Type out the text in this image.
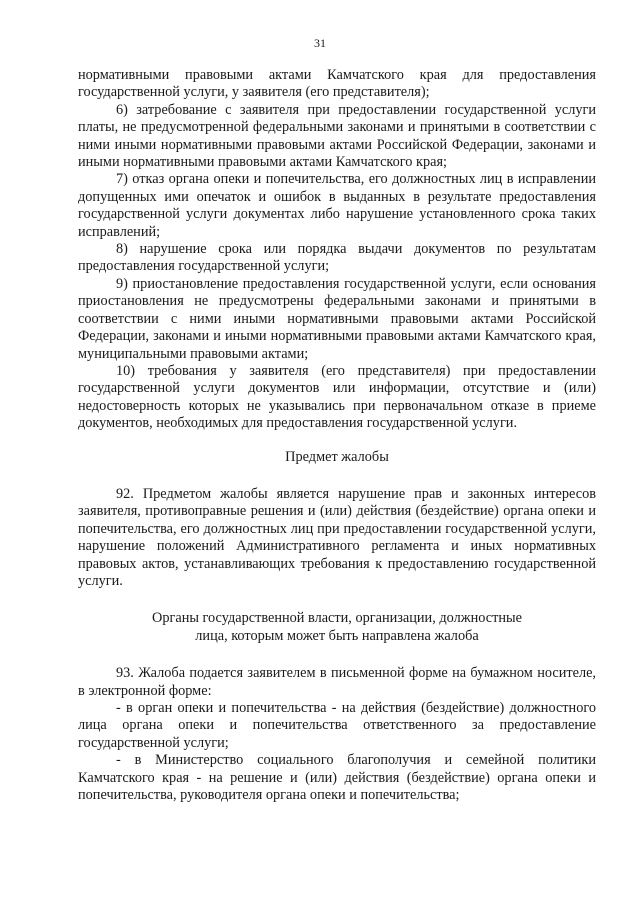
31

нормативными правовыми актами Камчатского края для предоставления государственной услуги, у заявителя (его представителя);

6) затребование с заявителя при предоставлении государственной услуги платы, не предусмотренной федеральными законами и принятыми в соответствии с ними иными нормативными правовыми актами Российской Федерации, законами и иными нормативными правовыми актами Камчатского края;

7) отказ органа опеки и попечительства, его должностных лиц в исправлении допущенных ими опечаток и ошибок в выданных в результате предоставления государственной услуги документах либо нарушение установленного срока таких исправлений;

8) нарушение срока или порядка выдачи документов по результатам предоставления государственной услуги;

9) приостановление предоставления государственной услуги, если основания приостановления не предусмотрены федеральными законами и принятыми в соответствии с ними иными нормативными правовыми актами Российской Федерации, законами и иными нормативными правовыми актами Камчатского края, муниципальными правовыми актами;

10) требования у заявителя (его представителя) при предоставлении государственной услуги документов или информации, отсутствие и (или) недостоверность которых не указывались при первоначальном отказе в приеме документов, необходимых для предоставления государственной услуги.

Предмет жалобы

92. Предметом жалобы является нарушение прав и законных интересов заявителя, противоправные решения и (или) действия (бездействие) органа опеки и попечительства, его должностных лиц при предоставлении государственной услуги, нарушение положений Административного регламента и иных нормативных правовых актов, устанавливающих требования к предоставлению государственной услуги.

Органы государственной власти, организации, должностные

лица, которым может быть направлена жалоба

93. Жалоба подается заявителем в письменной форме на бумажном носителе, в электронной форме:

- в орган опеки и попечительства - на действия (бездействие) должностного лица органа опеки и попечительства ответственного за предоставление государственной услуги;

- в Министерство социального благополучия и семейной политики Камчатского края - на решение и (или) действия (бездействие) органа опеки и попечительства, руководителя органа опеки и попечительства;
